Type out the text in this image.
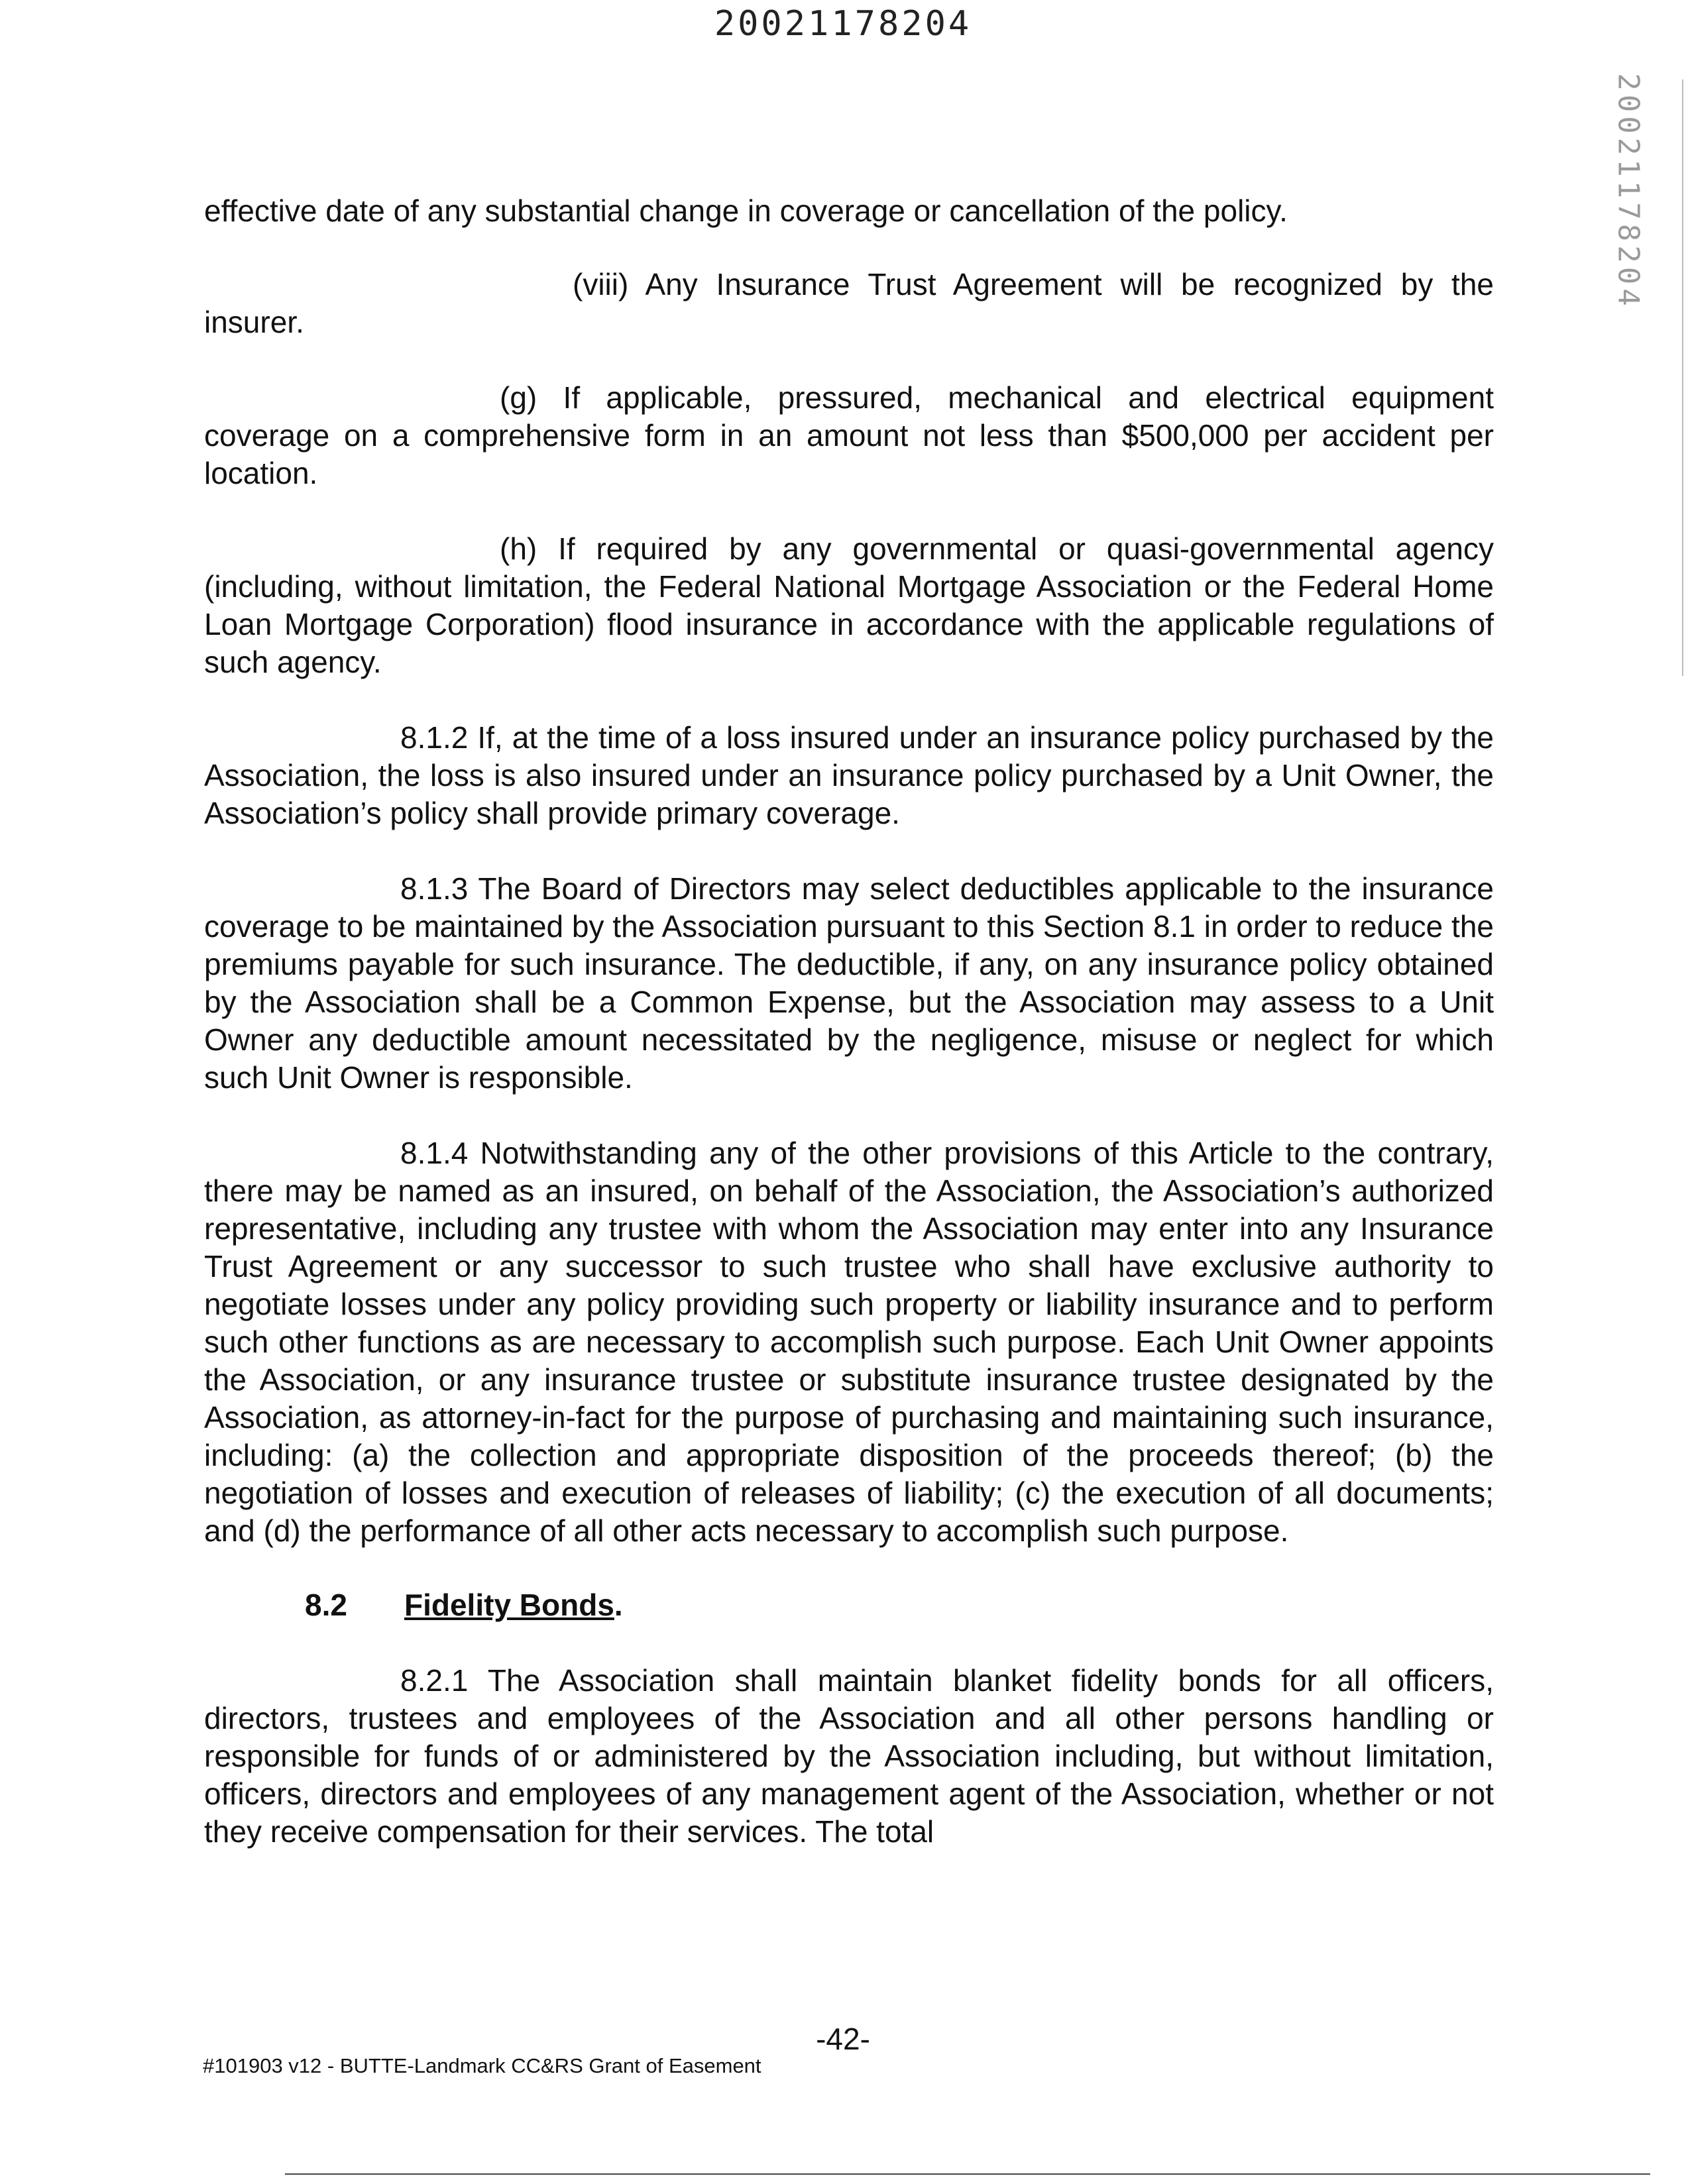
20021178204
20021178204

effective date of any substantial change in coverage or cancellation of the policy.

(viii) Any Insurance Trust Agreement will be recognized by the insurer.

(g) If applicable, pressured, mechanical and electrical equipment coverage on a comprehensive form in an amount not less than $500,000 per accident per location.

(h) If required by any governmental or quasi-governmental agency (including, without limitation, the Federal National Mortgage Association or the Federal Home Loan Mortgage Corporation) flood insurance in accordance with the applicable regulations of such agency.

8.1.2 If, at the time of a loss insured under an insurance policy purchased by the Association, the loss is also insured under an insurance policy purchased by a Unit Owner, the Association’s policy shall provide primary coverage.

8.1.3 The Board of Directors may select deductibles applicable to the insurance coverage to be maintained by the Association pursuant to this Section 8.1 in order to reduce the premiums payable for such insurance. The deductible, if any, on any insurance policy obtained by the Association shall be a Common Expense, but the Association may assess to a Unit Owner any deductible amount necessitated by the negligence, misuse or neglect for which such Unit Owner is responsible.

8.1.4 Notwithstanding any of the other provisions of this Article to the contrary, there may be named as an insured, on behalf of the Association, the Association’s authorized representative, including any trustee with whom the Association may enter into any Insurance Trust Agreement or any successor to such trustee who shall have exclusive authority to negotiate losses under any policy providing such property or liability insurance and to perform such other functions as are necessary to accomplish such purpose. Each Unit Owner appoints the Association, or any insurance trustee or substitute insurance trustee designated by the Association, as attorney-in-fact for the purpose of purchasing and maintaining such insurance, including: (a) the collection and appropriate disposition of the proceeds thereof; (b) the negotiation of losses and execution of releases of liability; (c) the execution of all documents; and (d) the performance of all other acts necessary to accomplish such purpose.

8.2	Fidelity Bonds .

8.2.1 The Association shall maintain blanket fidelity bonds for all officers, directors, trustees and employees of the Association and all other persons handling or responsible for funds of or administered by the Association including, but without limitation, officers, directors and employees of any management agent of the Association, whether or not they receive compensation for their services. The total

-42-
#101903 v12 - BUTTE-Landmark CC&RS Grant of Easement
